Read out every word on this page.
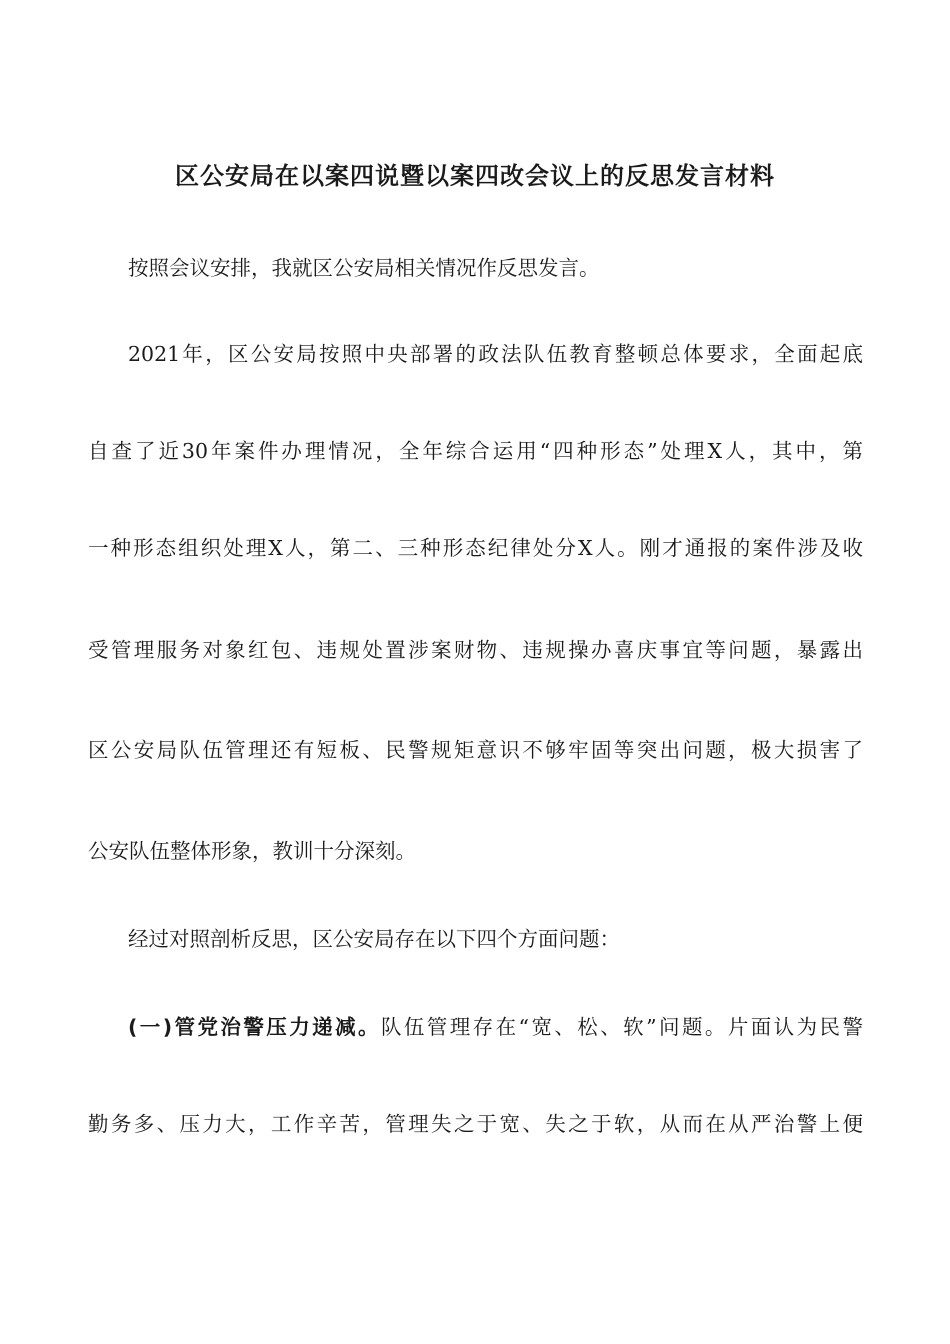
区公安局在以案四说暨以案四改会议上的反思发言材料
按照会议安排，我就区公安局相关情况作反思发言。
2021年，区公安局按照中央部署的政法队伍教育整顿总体要求，全面起底
自查了近30年案件办理情况，全年综合运用“四种形态”处理X人，其中，第
一种形态组织处理X人，第二、三种形态纪律处分X人。刚才通报的案件涉及收
受管理服务对象红包、违规处置涉案财物、违规操办喜庆事宜等问题，暴露出
区公安局队伍管理还有短板、民警规矩意识不够牢固等突出问题，极大损害了
公安队伍整体形象，教训十分深刻。
经过对照剖析反思，区公安局存在以下四个方面问题：
(一)管党治警压力递减。队伍管理存在“宽、松、软”问题。片面认为民警
勤务多、压力大，工作辛苦，管理失之于宽、失之于软，从而在从严治警上便
